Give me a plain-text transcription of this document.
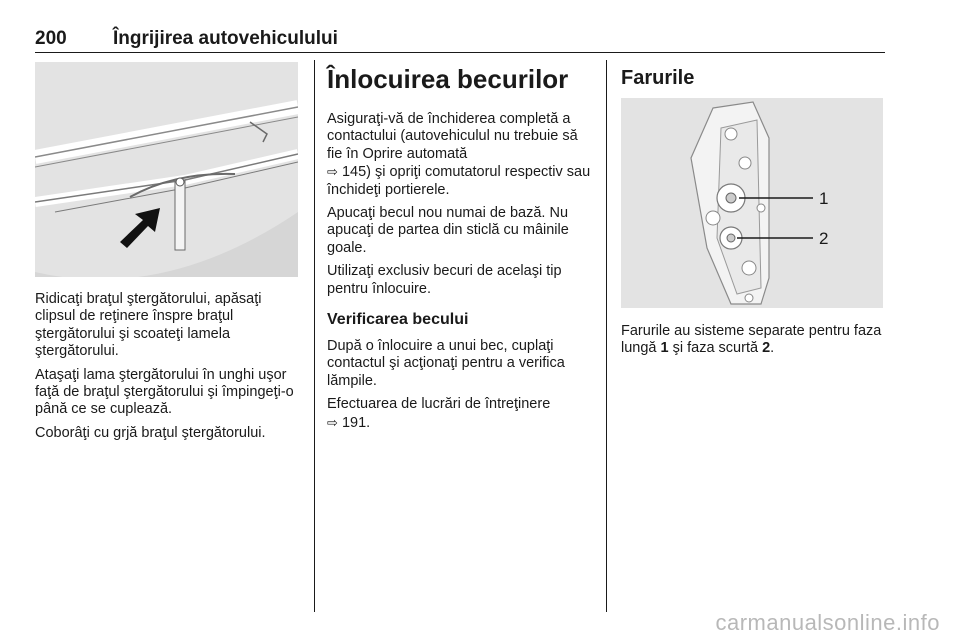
200 Îngrijirea autovehiculului

Ridicaţi braţul ştergătorului, apăsaţi clipsul de reţinere înspre braţul ştergătorului şi scoateţi lamela ştergătorului.

Ataşaţi lama ştergătorului în unghi uşor faţă de braţul ştergătorului şi împingeţi-o până ce se cuplează.

Coborâţi cu grjă braţul ştergătorului.

Înlocuirea becurilor

Asiguraţi-vă de închiderea completă a contactului (autovehiculul nu trebuie să fie în Oprire automată
⇨ 145) şi opriţi comutatorul respectiv sau închideţi portierele.

Apucaţi becul nou numai de bază. Nu apucaţi de partea din sticlă cu mâinile goale.

Utilizaţi exclusiv becuri de acelaşi tip pentru înlocuire.

Verificarea becului

După o înlocuire a unui bec, cuplaţi contactul şi acţionaţi pentru a verifica lămpile.

Efectuarea de lucrări de întreţinere
⇨ 191.

Farurile
1
2

Farurile au sisteme separate pentru faza lungă 1 şi faza scurtă 2.

carmanualsonline.info
